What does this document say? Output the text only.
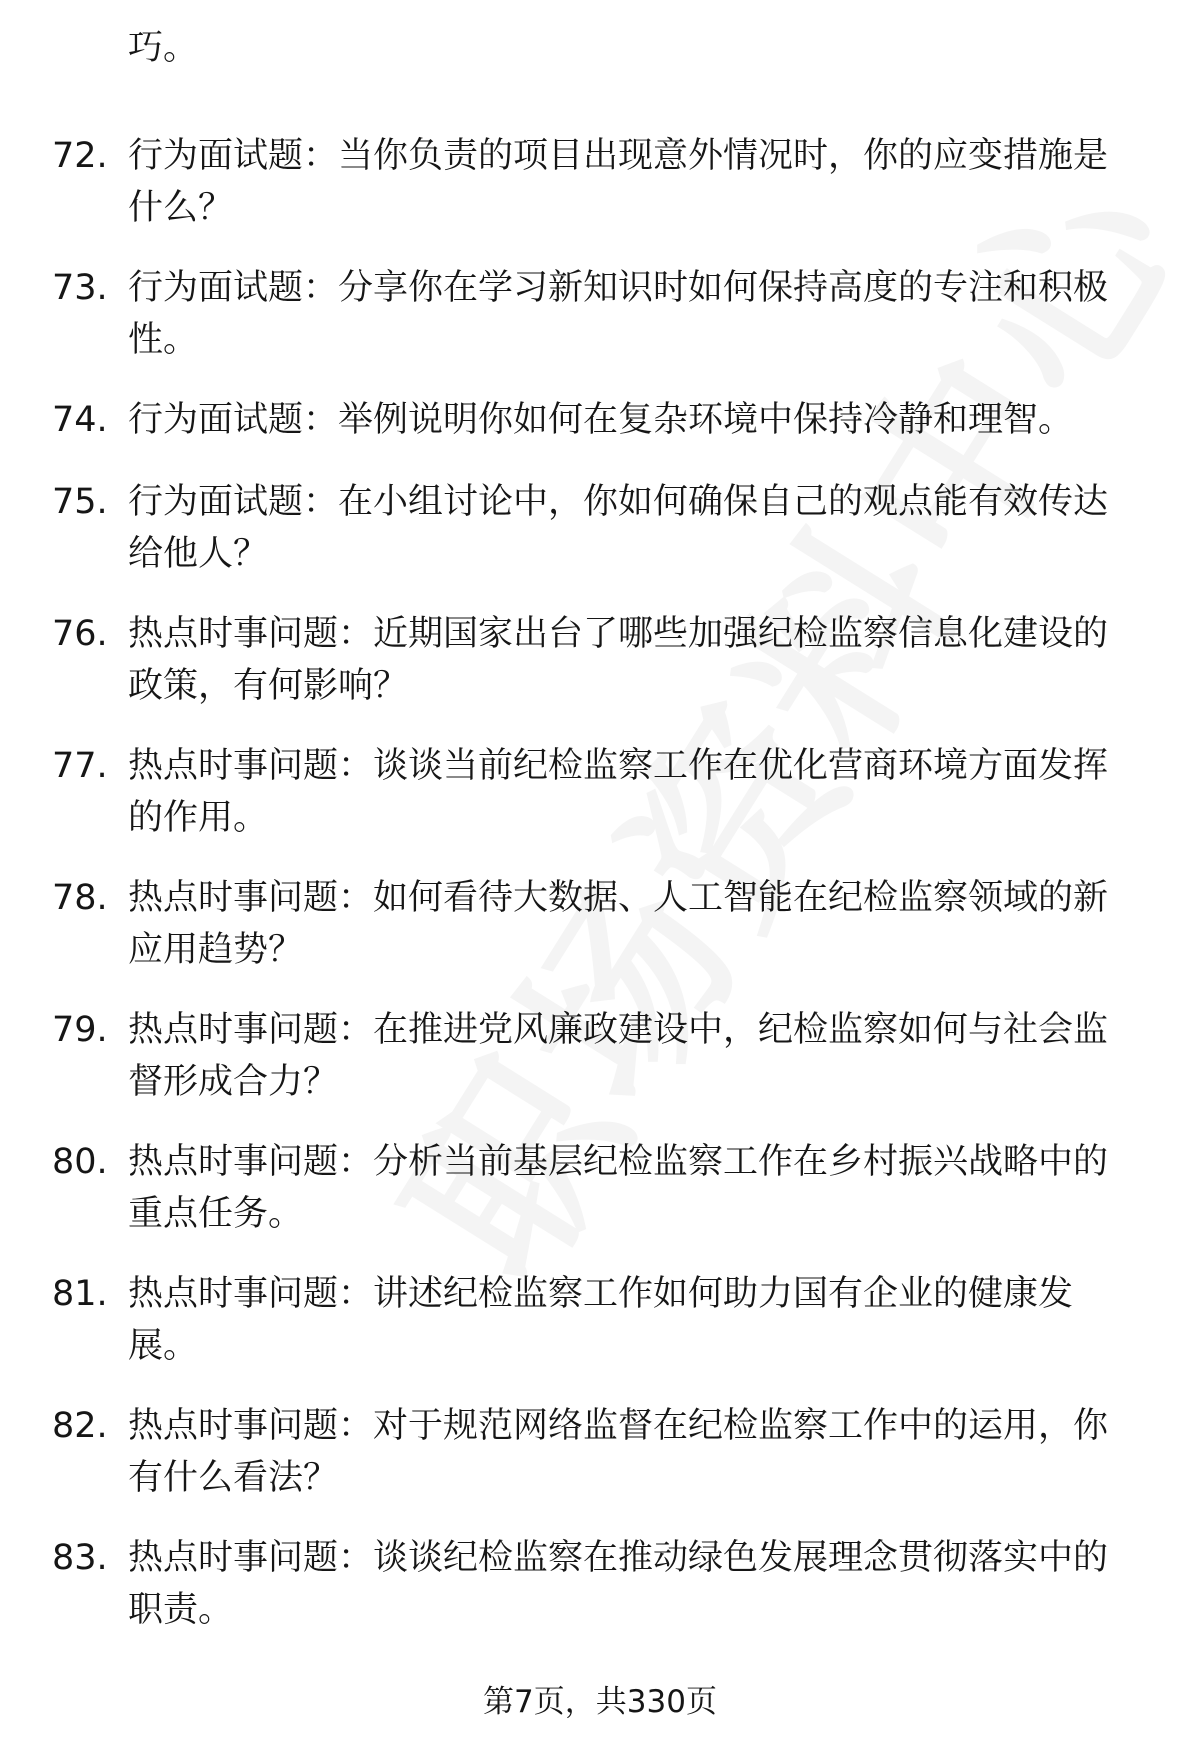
巧。
72. 行为面试题：当你负责的项目出现意外情况时，你的应变措施是什么？
73. 行为面试题：分享你在学习新知识时如何保持高度的专注和积极性。
74. 行为面试题：举例说明你如何在复杂环境中保持冷静和理智。
75. 行为面试题：在小组讨论中，你如何确保自己的观点能有效传达给他人？
76. 热点时事问题：近期国家出台了哪些加强纪检监察信息化建设的政策，有何影响？
77. 热点时事问题：谈谈当前纪检监察工作在优化营商环境方面发挥的作用。
78. 热点时事问题：如何看待大数据、人工智能在纪检监察领域的新应用趋势？
79. 热点时事问题：在推进党风廉政建设中，纪检监察如何与社会监督形成合力？
80. 热点时事问题：分析当前基层纪检监察工作在乡村振兴战略中的重点任务。
81. 热点时事问题：讲述纪检监察工作如何助力国有企业的健康发展。
82. 热点时事问题：对于规范网络监督在纪检监察工作中的运用，你有什么看法？
83. 热点时事问题：谈谈纪检监察在推动绿色发展理念贯彻落实中的职责。
第7页，共330页
